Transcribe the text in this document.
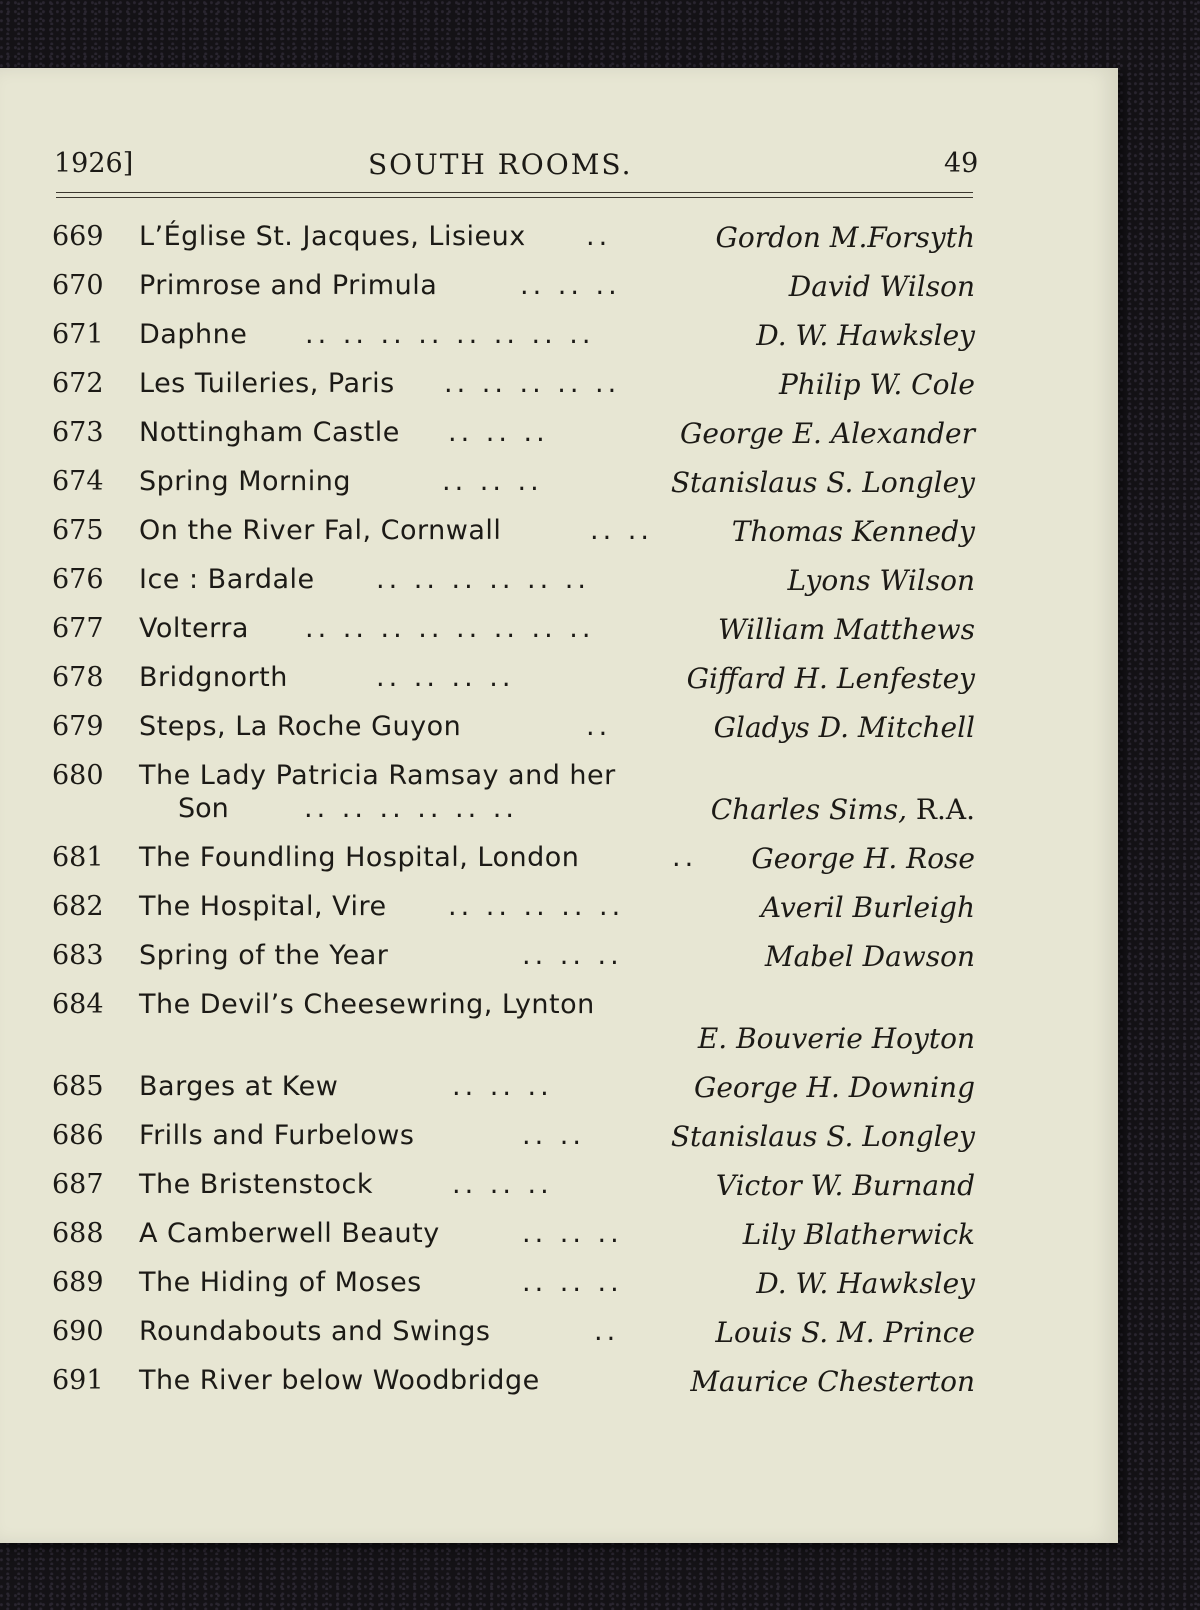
1926]	SOUTH ROOMS.	49
669 L’Église St. Jacques, Lisieux ..	Gordon M.Forsyth
670 Primrose and Primula	.. .. ..	David Wilson
671 Daphne .. .. .. .. .. .. .. ..	D. W. Hawksley
672 Les Tuileries, Paris .. .. .. .. ..	Philip W. Cole
673 Nottingham Castle .. .. ..	George E. Alexander
674 Spring Morning	.. .. ..	Stanislaus S. Longley
675 On the River Fal, Cornwall	.. ..	Thomas Kennedy
676 Ice : Bardale .. .. .. .. .. ..	Lyons Wilson
677 Volterra .. .. .. .. .. .. .. ..	William Matthews
678 Bridgnorth	.. .. .. ..	Giffard H. Lenfestey
679 Steps, La Roche Guyon	..	Gladys D. Mitchell
680 The Lady Patricia Ramsay and her
Son	.. .. .. .. .. ..	Charles Sims, R.A.
681 The Foundling Hospital, London	.. George H. Rose
682 The Hospital, Vire .. .. .. .. ..	Averil Burleigh
683 Spring of the Year	.. .. ..	Mabel Dawson
684 The Devil’s Cheesewring, Lynton
E. Bouverie Hoyton
685 Barges at Kew	.. .. ..	George H. Downing
686 Frills and Furbelows	.. ..	Stanislaus S. Longley
687 The Bristenstock	.. .. ..	Victor W. Burnand
688 A Camberwell Beauty	.. .. ..	Lily Blatherwick
689 The Hiding of Moses	.. .. ..	D. W. Hawksley
690 Roundabouts and Swings	..	Louis S. M. Prince
691 The River below Woodbridge	Maurice Chesterton
